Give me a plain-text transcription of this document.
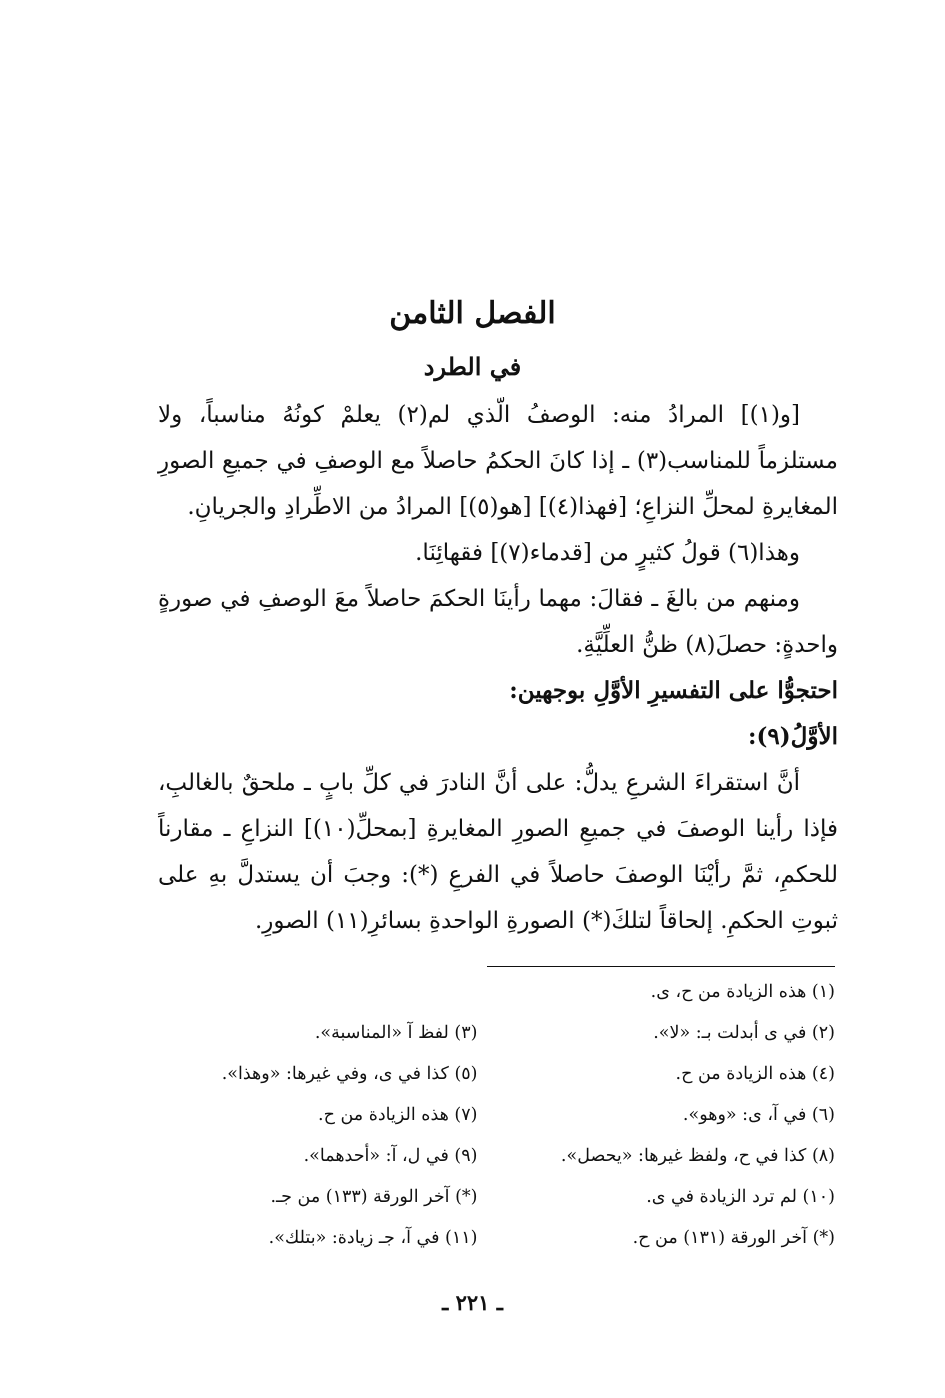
الفصل الثامن
في الطرد

[و(١)] المرادُ منه: الوصفُ الّذي لم(٢) يعلمْ كونُهُ مناسباً، ولا مستلزماً للمناسب(٣) ـ إذا كانَ الحكمُ حاصلاً مع الوصفِ في جميعِ الصورِ المغايرةِ لمحلِّ النزاعِ؛ [فهذا(٤)] [هو(٥)] المرادُ من الاطِّرادِ والجريانِ.

وهذا(٦) قولُ كثيرٍ من [قدماء(٧)] فقهائِنَا.

ومنهم من بالغَ ـ فقالَ: مهما رأينَا الحكمَ حاصلاً معَ الوصفِ في صورةٍ واحدةٍ: حصلَ(٨) ظنُّ العلِّيَّةِ.

احتجوُّا على التفسيرِ الأوَّلِ بوجهين:

الأوَّلُ(٩):

أنَّ استقراءَ الشرعِ يدلُّ: على أنَّ النادرَ في كلِّ بابٍ ـ ملحقٌ بالغالبِ، فإذا رأينا الوصفَ في جميعِ الصورِ المغايرةِ [بمحلِّ(١٠)] النزاعِ ـ مقارناً للحكمِ، ثمَّ رأيْنَا الوصفَ حاصلاً في الفرعِ (*): وجبَ أن يستدلَّ بهِ على ثبوتِ الحكمِ. إلحاقاً لتلكَ(*) الصورةِ الواحدةِ بسائرِ(١١) الصورِ.

(١) هذه الزيادة من ح، ى.
(٢) في ى أبدلت بـ: «لا».
(٣) لفظ آ «المناسبة».
(٤) هذه الزيادة من ح.
(٥) كذا في ى، وفي غيرها: «وهذا».
(٦) في آ، ى: «وهو».
(٧) هذه الزيادة من ح.
(٨) كذا في ح، ولفظ غيرها: «يحصل».
(٩) في ل، آ: «أحدهما».
(١٠) لم ترد الزيادة في ى.
(*) آخر الورقة (١٣٣) من جـ.
(*) آخر الورقة (١٣١) من ح.
(١١) في آ، جـ زيادة: «بتلك».
ـ ٢٢١ ـ
